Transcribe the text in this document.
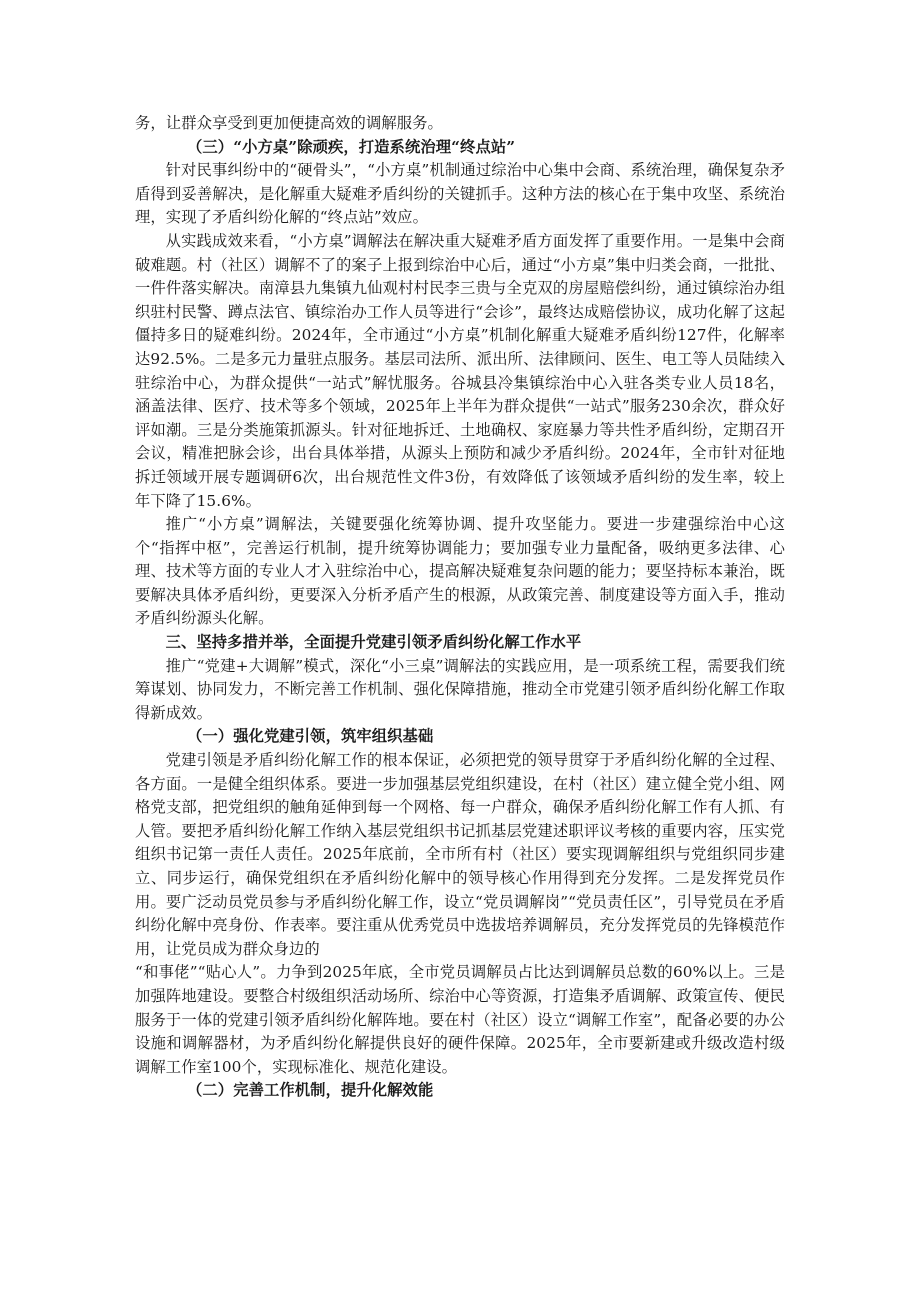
务，让群众享受到更加便捷高效的调解服务。

（三）“小方桌”除顽疾，打造系统治理“终点站”

针对民事纠纷中的“硬骨头”，“小方桌”机制通过综治中心集中会商、系统治理，确保复杂矛盾得到妥善解决，是化解重大疑难矛盾纠纷的关键抓手。这种方法的核心在于集中攻坚、系统治理，实现了矛盾纠纷化解的“终点站”效应。

从实践成效来看，“小方桌”调解法在解决重大疑难矛盾方面发挥了重要作用。一是集中会商破难题。村（社区）调解不了的案子上报到综治中心后，通过“小方桌”集中归类会商，一批批、一件件落实解决。南漳县九集镇九仙观村村民李三贵与全克双的房屋赔偿纠纷，通过镇综治办组织驻村民警、蹲点法官、镇综治办工作人员等进行“会诊”，最终达成赔偿协议，成功化解了这起僵持多日的疑难纠纷。2024年，全市通过“小方桌”机制化解重大疑难矛盾纠纷127件，化解率达92.5%。二是多元力量驻点服务。基层司法所、派出所、法律顾问、医生、电工等人员陆续入驻综治中心，为群众提供“一站式”解忧服务。谷城县冷集镇综治中心入驻各类专业人员18名，涵盖法律、医疗、技术等多个领域，2025年上半年为群众提供“一站式”服务230余次，群众好评如潮。三是分类施策抓源头。针对征地拆迁、土地确权、家庭暴力等共性矛盾纠纷，定期召开会议，精准把脉会诊，出台具体举措，从源头上预防和减少矛盾纠纷。2024年，全市针对征地拆迁领域开展专题调研6次，出台规范性文件3份，有效降低了该领域矛盾纠纷的发生率，较上年下降了15.6%。

推广“小方桌”调解法，关键要强化统筹协调、提升攻坚能力。要进一步建强综治中心这个“指挥中枢”，完善运行机制，提升统筹协调能力；要加强专业力量配备，吸纳更多法律、心理、技术等方面的专业人才入驻综治中心，提高解决疑难复杂问题的能力；要坚持标本兼治，既要解决具体矛盾纠纷，更要深入分析矛盾产生的根源，从政策完善、制度建设等方面入手，推动矛盾纠纷源头化解。

三、坚持多措并举，全面提升党建引领矛盾纠纷化解工作水平

推广“党建+大调解”模式，深化“小三桌”调解法的实践应用，是一项系统工程，需要我们统筹谋划、协同发力，不断完善工作机制、强化保障措施，推动全市党建引领矛盾纠纷化解工作取得新成效。

（一）强化党建引领，筑牢组织基础

党建引领是矛盾纠纷化解工作的根本保证，必须把党的领导贯穿于矛盾纠纷化解的全过程、各方面。一是健全组织体系。要进一步加强基层党组织建设，在村（社区）建立健全党小组、网格党支部，把党组织的触角延伸到每一个网格、每一户群众，确保矛盾纠纷化解工作有人抓、有人管。要把矛盾纠纷化解工作纳入基层党组织书记抓基层党建述职评议考核的重要内容，压实党组织书记第一责任人责任。2025年底前，全市所有村（社区）要实现调解组织与党组织同步建立、同步运行，确保党组织在矛盾纠纷化解中的领导核心作用得到充分发挥。二是发挥党员作用。要广泛动员党员参与矛盾纠纷化解工作，设立“党员调解岗”“党员责任区”，引导党员在矛盾纠纷化解中亮身份、作表率。要注重从优秀党员中选拔培养调解员，充分发挥党员的先锋模范作用，让党员成为群众身边的

“和事佬”“贴心人”。力争到2025年底，全市党员调解员占比达到调解员总数的60%以上。三是加强阵地建设。要整合村级组织活动场所、综治中心等资源，打造集矛盾调解、政策宣传、便民服务于一体的党建引领矛盾纠纷化解阵地。要在村（社区）设立“调解工作室”，配备必要的办公设施和调解器材，为矛盾纠纷化解提供良好的硬件保障。2025年，全市要新建或升级改造村级调解工作室100个，实现标准化、规范化建设。

（二）完善工作机制，提升化解效能
